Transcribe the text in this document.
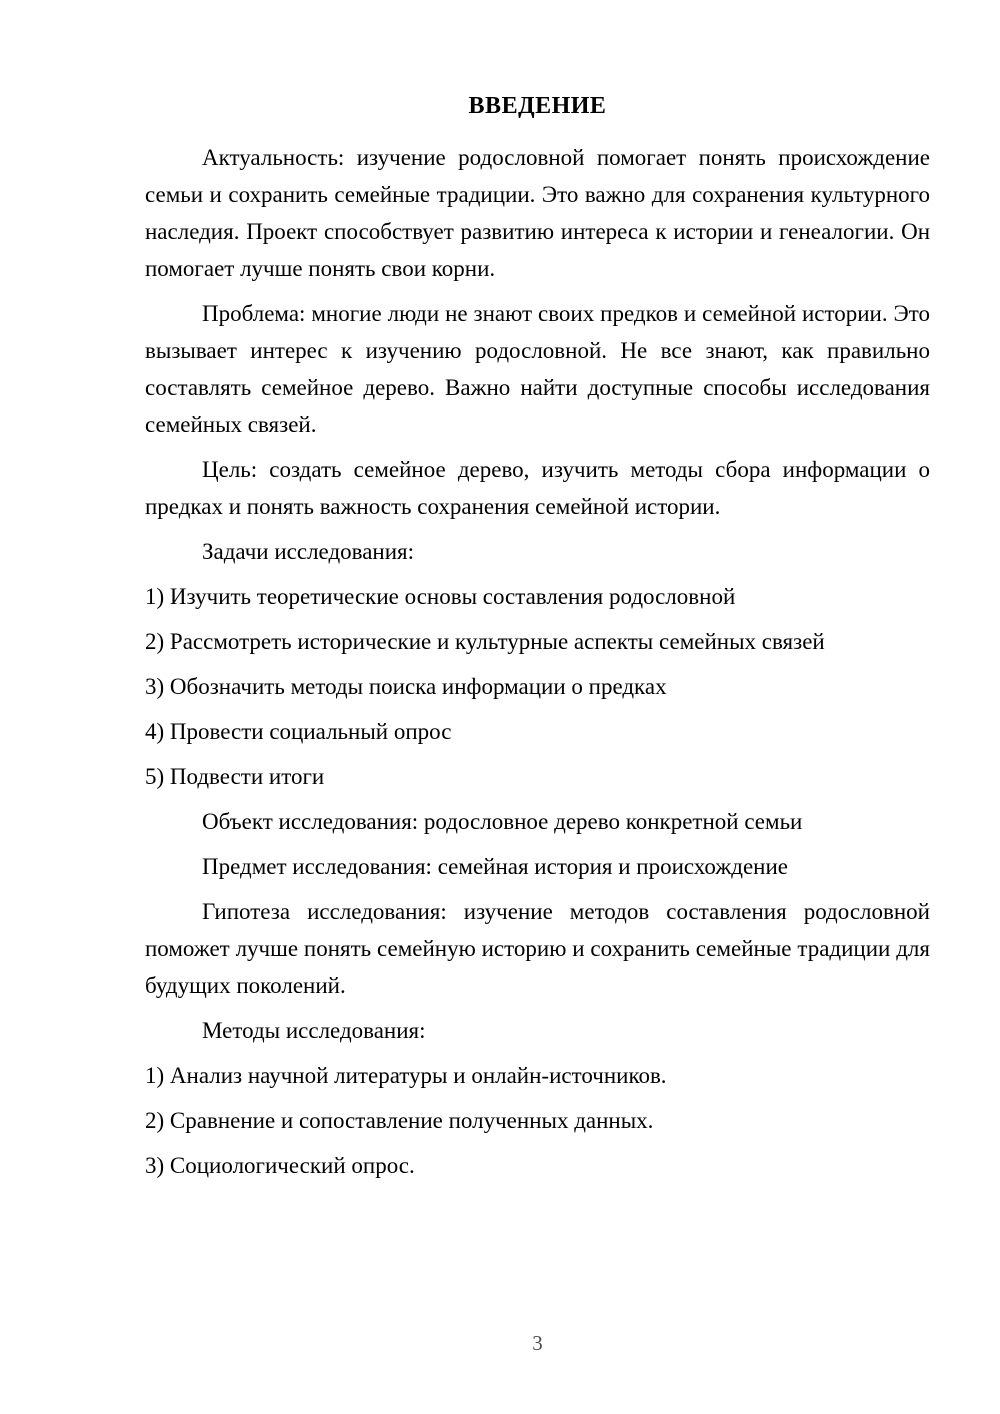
ВВЕДЕНИЕ

Актуальность: изучение родословной помогает понять происхождение семьи и сохранить семейные традиции. Это важно для сохранения культурного наследия. Проект способствует развитию интереса к истории и генеалогии. Он помогает лучше понять свои корни.

Проблема: многие люди не знают своих предков и семейной истории. Это вызывает интерес к изучению родословной. Не все знают, как правильно составлять семейное дерево. Важно найти доступные способы исследования семейных связей.

Цель: создать семейное дерево, изучить методы сбора информации о предках и понять важность сохранения семейной истории.

Задачи исследования:

1) Изучить теоретические основы составления родословной

2) Рассмотреть исторические и культурные аспекты семейных связей

3) Обозначить методы поиска информации о предках

4) Провести социальный опрос

5) Подвести итоги

Объект исследования: родословное дерево конкретной семьи

Предмет исследования: семейная история и происхождение

Гипотеза исследования: изучение методов составления родословной поможет лучше понять семейную историю и сохранить семейные традиции для будущих поколений.

Методы исследования:

1) Анализ научной литературы и онлайн-источников.

2) Сравнение и сопоставление полученных данных.

3) Социологический опрос.

3
